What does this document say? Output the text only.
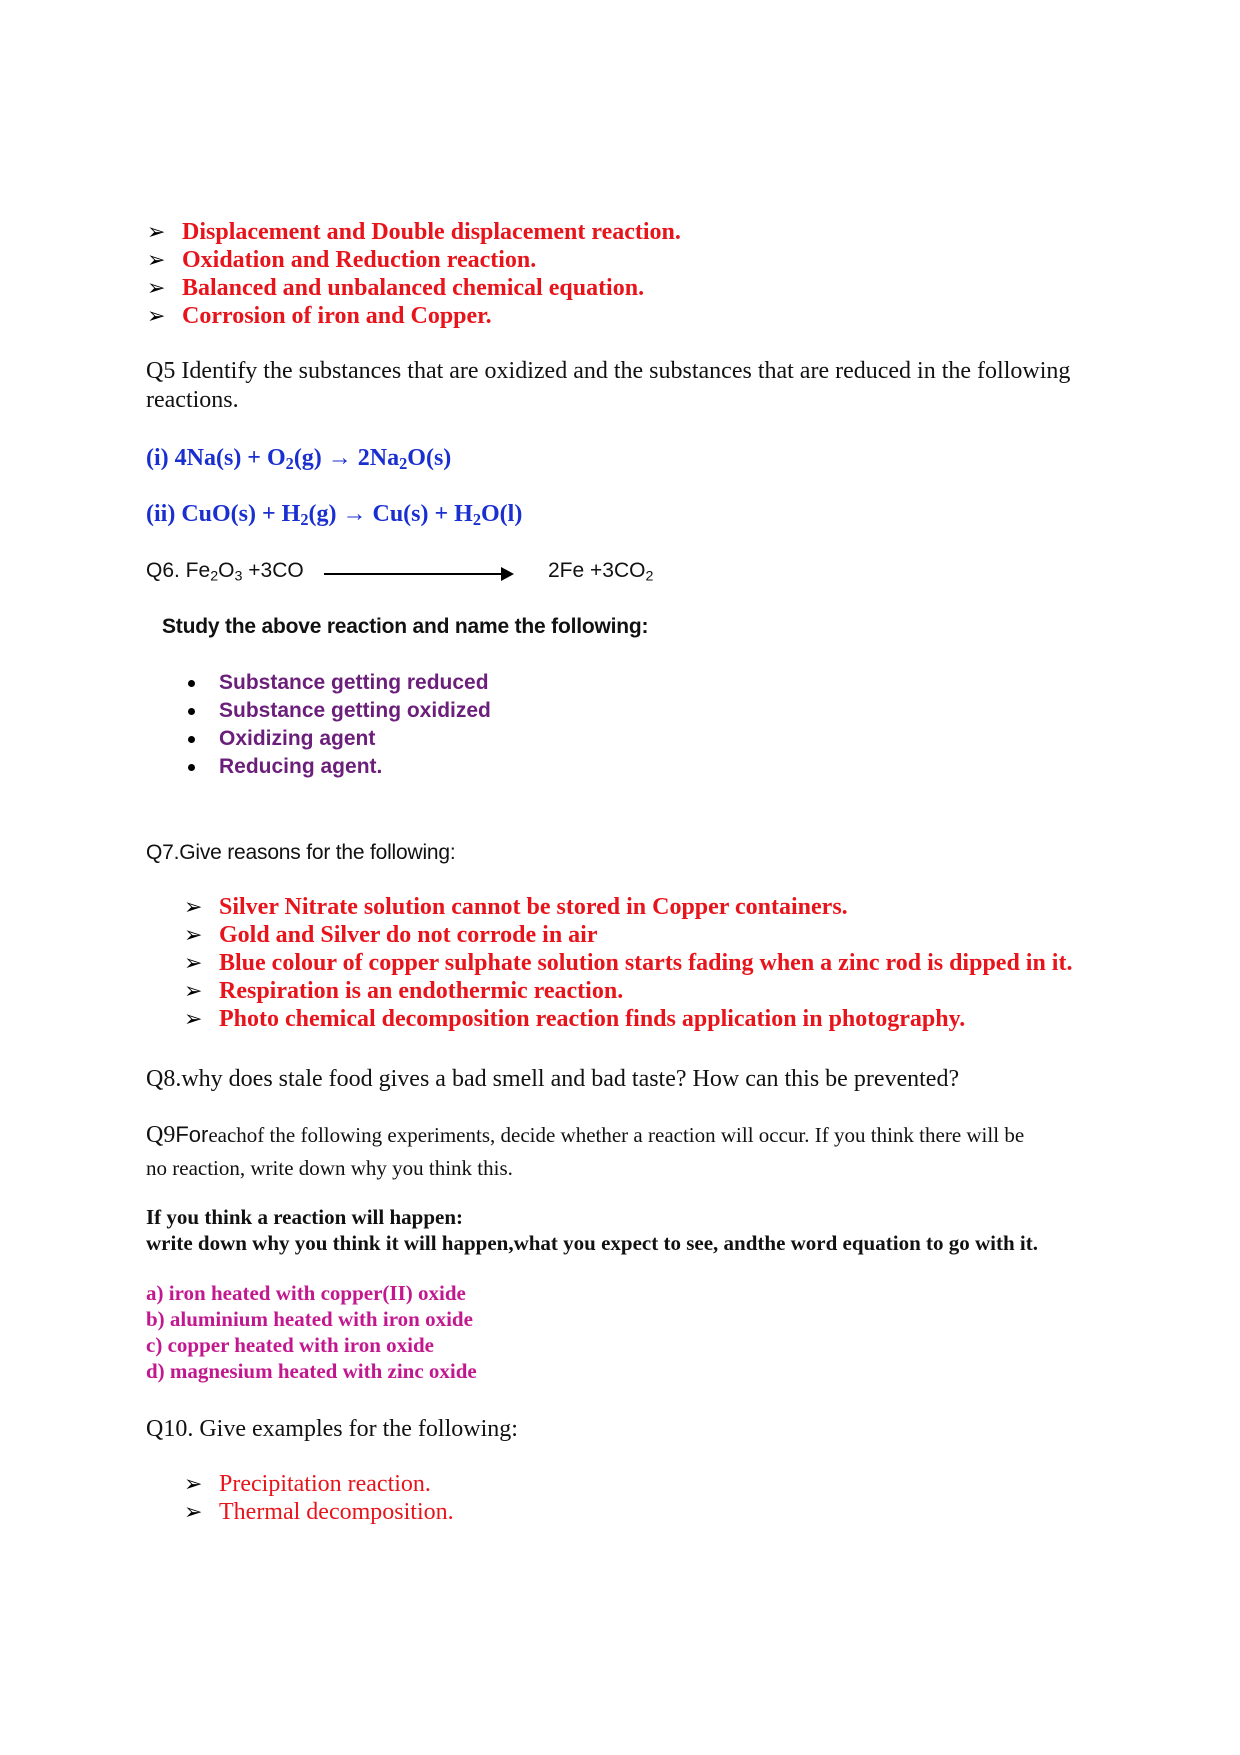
➢ Displacement and Double displacement reaction.
➢ Oxidation and Reduction reaction.
➢ Balanced and unbalanced chemical equation.
➢ Corrosion of iron and Copper.
Q5 Identify the substances that are oxidized and the substances that are reduced in the following
reactions.
(i) $4Na(s) + O_2(g) \to 2Na_2O(s)$
(ii) $CuO(s) + H_2(g) \to Cu(s) + H_2O(l)$
Q6. $Fe_2O_3 +3CO$	$2Fe +3CO_2$
Study the above reaction and name the following:
Substance getting reduced
Substance getting oxidized
Oxidizing agent
Reducing agent.
Q7.Give reasons for the following:
➢ Silver Nitrate solution cannot be stored in Copper containers.
➢ Gold and Silver do not corrode in air
➢ Blue colour of copper sulphate solution starts fading when a zinc rod is dipped in it.
➢ Respiration is an endothermic reaction.
➢ Photo chemical decomposition reaction finds application in photography.
Q8.why does stale food gives a bad smell and bad taste? How can this be prevented?
Q9Foreachof the following experiments, decide whether a reaction will occur. If you think there will be
no reaction, write down why you think this.
If you think a reaction will happen:
write down why you think it will happen,what you expect to see, andthe word equation to go with it.
a) iron heated with copper(II) oxide
b) aluminium heated with iron oxide
c) copper heated with iron oxide
d) magnesium heated with zinc oxide
Q10. Give examples for the following:
➢ Precipitation reaction.
➢ Thermal decomposition.
